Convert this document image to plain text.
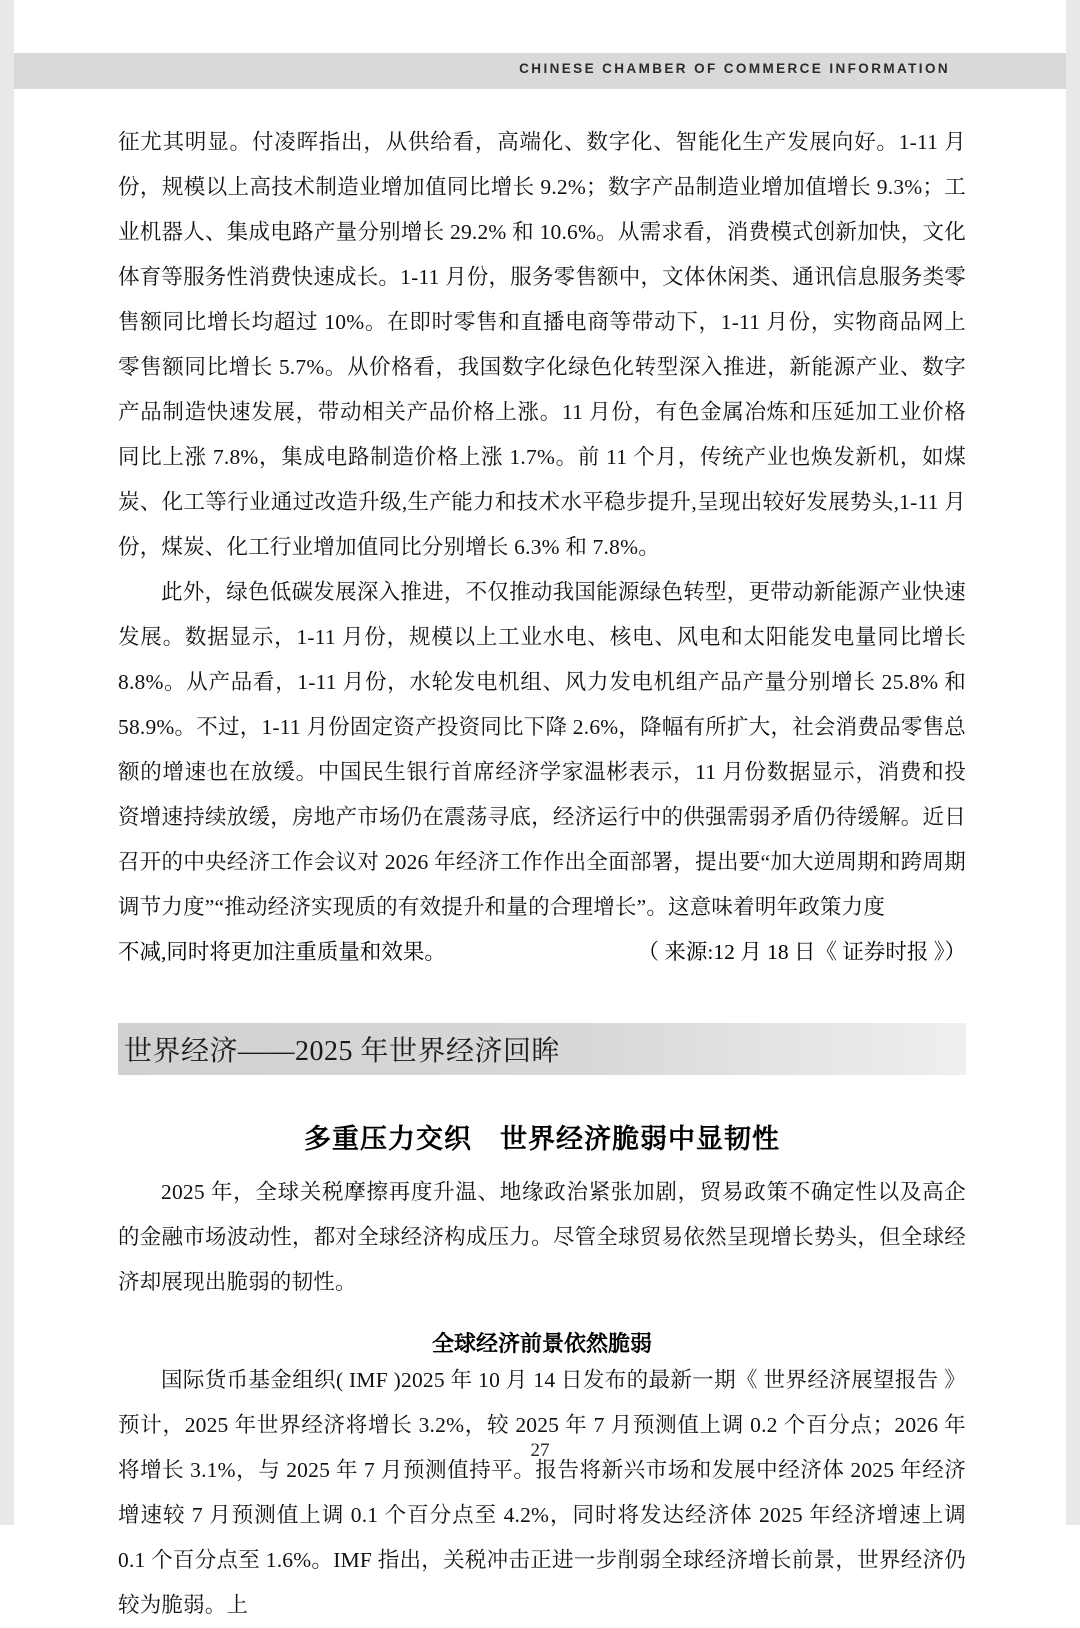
CHINESE CHAMBER OF COMMERCE INFORMATION

征尤其明显。付凌晖指出，从供给看，高端化、数字化、智能化生产发展向好。1-11 月份，规模以上高技术制造业增加值同比增长 9.2%；数字产品制造业增加值增长 9.3%；工业机器人、集成电路产量分别增长 29.2% 和 10.6%。从需求看，消费模式创新加快，文化体育等服务性消费快速成长。1-11 月份，服务零售额中，文体休闲类、通讯信息服务类零售额同比增长均超过 10%。在即时零售和直播电商等带动下，1-11 月份，实物商品网上零售额同比增长 5.7%。从价格看，我国数字化绿色化转型深入推进，新能源产业、数字产品制造快速发展，带动相关产品价格上涨。11 月份，有色金属冶炼和压延加工业价格同比上涨 7.8%，集成电路制造价格上涨 1.7%。前 11 个月，传统产业也焕发新机，如煤炭、化工等行业通过改造升级,生产能力和技术水平稳步提升,呈现出较好发展势头,1-11 月份，煤炭、化工行业增加值同比分别增长 6.3% 和 7.8%。

此外，绿色低碳发展深入推进，不仅推动我国能源绿色转型，更带动新能源产业快速发展。数据显示，1-11 月份，规模以上工业水电、核电、风电和太阳能发电量同比增长 8.8%。从产品看，1-11 月份，水轮发电机组、风力发电机组产品产量分别增长 25.8% 和 58.9%。不过，1-11 月份固定资产投资同比下降 2.6%，降幅有所扩大，社会消费品零售总额的增速也在放缓。中国民生银行首席经济学家温彬表示，11 月份数据显示，消费和投资增速持续放缓，房地产市场仍在震荡寻底，经济运行中的供强需弱矛盾仍待缓解。近日召开的中央经济工作会议对 2026 年经济工作作出全面部署，提出要“加大逆周期和跨周期调节力度”“推动经济实现质的有效提升和量的合理增长”。这意味着明年政策力度

不减,同时将更加注重质量和效果。	（ 来源:12 月 18 日《 证券时报 》）
世界经济——2025 年世界经济回眸
多重压力交织　世界经济脆弱中显韧性

2025 年，全球关税摩擦再度升温、地缘政治紧张加剧，贸易政策不确定性以及高企的金融市场波动性，都对全球经济构成压力。尽管全球贸易依然呈现增长势头，但全球经济却展现出脆弱的韧性。

全球经济前景依然脆弱

国际货币基金组织( IMF )2025 年 10 月 14 日发布的最新一期《 世界经济展望报告 》预计，2025 年世界经济将增长 3.2%，较 2025 年 7 月预测值上调 0.2 个百分点；2026 年将增长 3.1%，与 2025 年 7 月预测值持平。报告将新兴市场和发展中经济体 2025 年经济增速较 7 月预测值上调 0.1 个百分点至 4.2%，同时将发达经济体 2025 年经济增速上调 0.1 个百分点至 1.6%。IMF 指出，关税冲击正进一步削弱全球经济增长前景，世界经济仍较为脆弱。上

27
